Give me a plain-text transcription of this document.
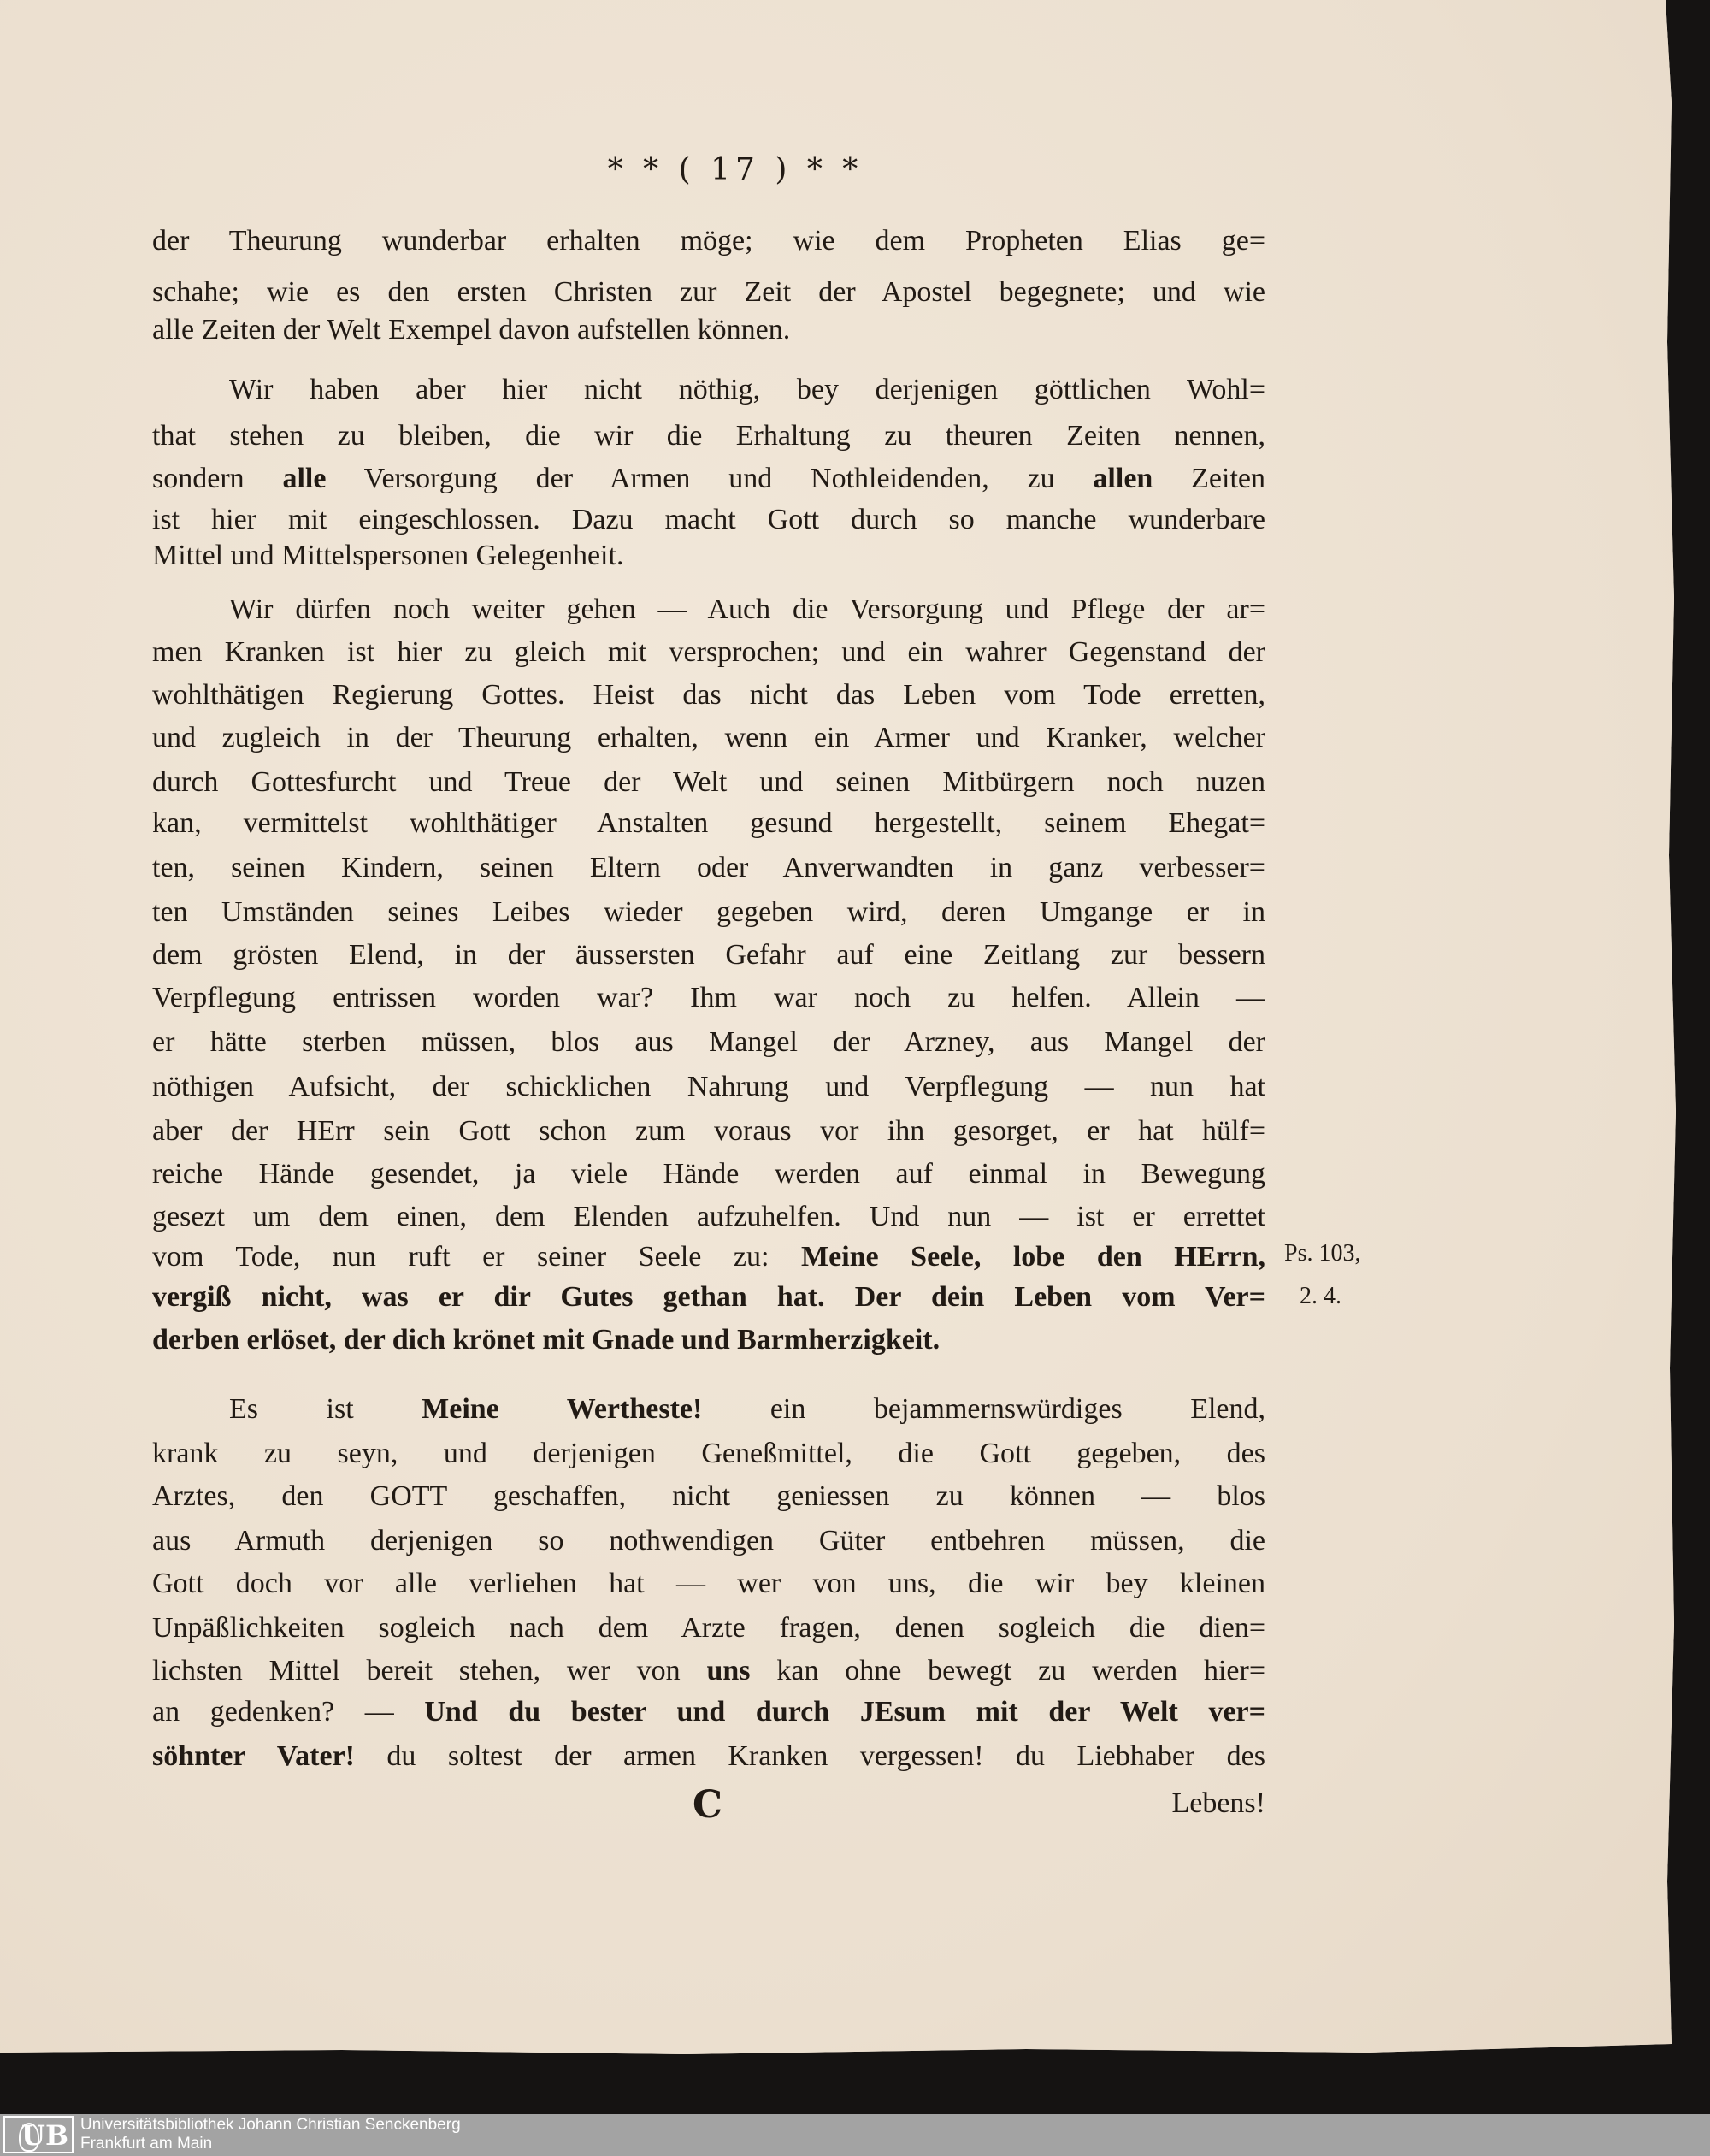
* * ( 17 ) * *
der Theurung wunderbar erhalten möge; wie dem Propheten Elias ge=
schahe; wie es den ersten Christen zur Zeit der Apostel begegnete; und wie
alle Zeiten der Welt Exempel davon aufstellen können.
Wir haben aber hier nicht nöthig, bey derjenigen göttlichen Wohl=
that stehen zu bleiben, die wir die Erhaltung zu theuren Zeiten nennen,
sondern alle Versorgung der Armen und Nothleidenden, zu allen Zeiten
ist hier mit eingeschlossen. Dazu macht Gott durch so manche wunderbare
Mittel und Mittelspersonen Gelegenheit.
Wir dürfen noch weiter gehen — Auch die Versorgung und Pflege der ar=
men Kranken ist hier zu gleich mit versprochen; und ein wahrer Gegenstand der
wohlthätigen Regierung Gottes. Heist das nicht das Leben vom Tode erretten,
und zugleich in der Theurung erhalten, wenn ein Armer und Kranker, welcher
durch Gottesfurcht und Treue der Welt und seinen Mitbürgern noch nuzen
kan, vermittelst wohlthätiger Anstalten gesund hergestellt, seinem Ehegat=
ten, seinen Kindern, seinen Eltern oder Anverwandten in ganz verbesser=
ten Umständen seines Leibes wieder gegeben wird, deren Umgange er in
dem grösten Elend, in der äussersten Gefahr auf eine Zeitlang zur bessern
Verpflegung entrissen worden war? Ihm war noch zu helfen. Allein —
er hätte sterben müssen, blos aus Mangel der Arzney, aus Mangel der
nöthigen Aufsicht, der schicklichen Nahrung und Verpflegung — nun hat
aber der HErr sein Gott schon zum voraus vor ihn gesorget, er hat hülf=
reiche Hände gesendet, ja viele Hände werden auf einmal in Bewegung
gesezt um dem einen, dem Elenden aufzuhelfen. Und nun — ist er errettet
vom Tode, nun ruft er seiner Seele zu: Meine Seele, lobe den HErrn,
vergiß nicht, was er dir Gutes gethan hat. Der dein Leben vom Ver=
derben erlöset, der dich krönet mit Gnade und Barmherzigkeit.
Es ist Meine Wertheste! ein bejammernswürdiges Elend,
krank zu seyn, und derjenigen Geneßmittel, die Gott gegeben, des
Arztes, den GOTT geschaffen, nicht geniessen zu können — blos
aus Armuth derjenigen so nothwendigen Güter entbehren müssen, die
Gott doch vor alle verliehen hat — wer von uns, die wir bey kleinen
Unpäßlichkeiten sogleich nach dem Arzte fragen, denen sogleich die dien=
lichsten Mittel bereit stehen, wer von uns kan ohne bewegt zu werden hier=
an gedenken? — Und du bester und durch JEsum mit der Welt ver=
söhnter Vater! du soltest der armen Kranken vergessen! du Liebhaber des
Ps. 103,
2. 4.
C	Lebens!
UB Universitätsbibliothek Johann Christian Senckenberg
Frankfurt am Main
